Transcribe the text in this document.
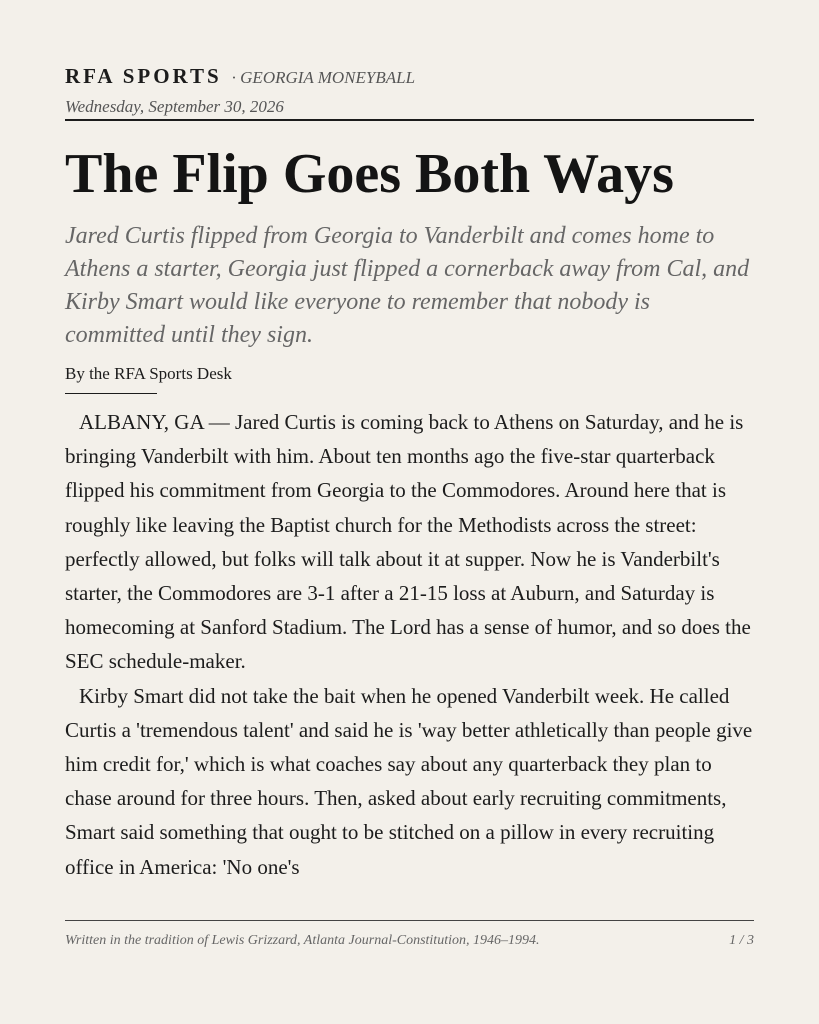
RFA SPORTS · GEORGIA MONEYBALL
Wednesday, September 30, 2026
The Flip Goes Both Ways

Jared Curtis flipped from Georgia to Vanderbilt and comes home to Athens a starter, Georgia just flipped a cornerback away from Cal, and Kirby Smart would like everyone to remember that nobody is committed until they sign.

By the RFA Sports Desk

ALBANY, GA — Jared Curtis is coming back to Athens on Saturday, and he is bringing Vanderbilt with him. About ten months ago the five-star quarterback flipped his commitment from Georgia to the Commodores. Around here that is roughly like leaving the Baptist church for the Methodists across the street: perfectly allowed, but folks will talk about it at supper. Now he is Vanderbilt's starter, the Commodores are 3-1 after a 21-15 loss at Auburn, and Saturday is homecoming at Sanford Stadium. The Lord has a sense of humor, and so does the SEC schedule-maker.

Kirby Smart did not take the bait when he opened Vanderbilt week. He called Curtis a 'tremendous talent' and said he is 'way better athletically than people give him credit for,' which is what coaches say about any quarterback they plan to chase around for three hours. Then, asked about early recruiting commitments, Smart said something that ought to be stitched on a pillow in every recruiting office in America: 'No one's

Written in the tradition of Lewis Grizzard, Atlanta Journal-Constitution, 1946–1994.	1 / 3
